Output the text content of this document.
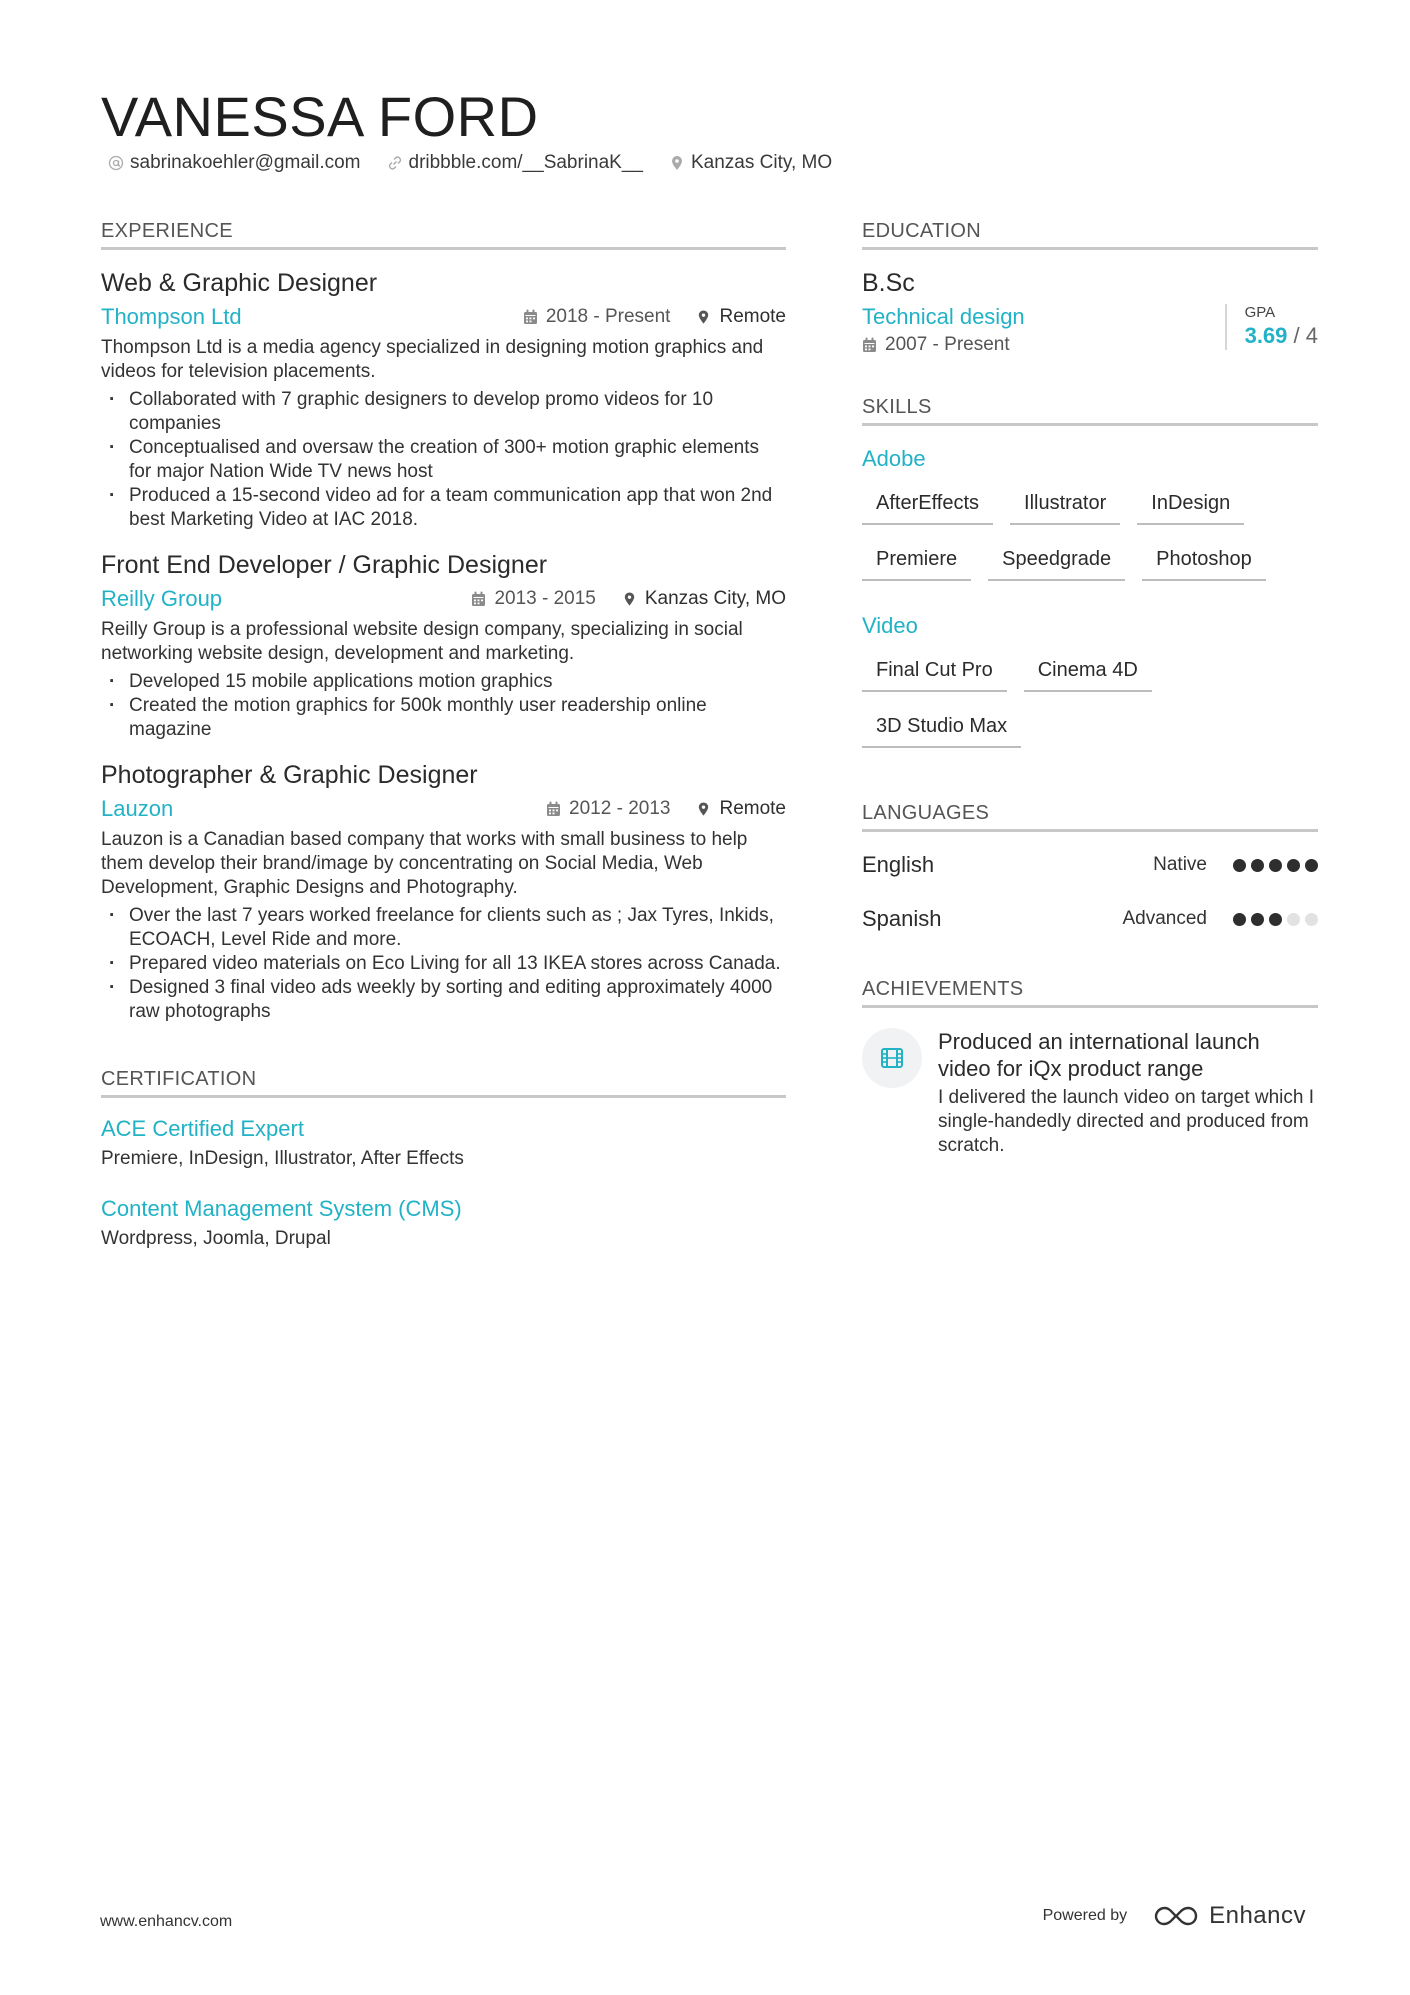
VANESSA FORD
sabrinakoehler@gmail.com	dribbble.com/__SabrinaK__	Kanzas City, MO
EXPERIENCE
Web & Graphic Designer
Thompson Ltd	2018 - Present	Remote
Thompson Ltd is a media agency specialized in designing motion graphics and videos for television placements.
· Collaborated with 7 graphic designers to develop promo videos for 10 companies
· Conceptualised and oversaw the creation of 300+ motion graphic elements for major Nation Wide TV news host
· Produced a 15-second video ad for a team communication app that won 2nd best Marketing Video at IAC 2018.
Front End Developer / Graphic Designer
Reilly Group	2013 - 2015	Kanzas City, MO
Reilly Group is a professional website design company, specializing in social networking website design, development and marketing.
· Developed 15 mobile applications motion graphics
· Created the motion graphics for 500k monthly user readership online magazine
Photographer & Graphic Designer
Lauzon	2012 - 2013	Remote
Lauzon is a Canadian based company that works with small business to help them develop their brand/image by concentrating on Social Media, Web Development, Graphic Designs and Photography.
· Over the last 7 years worked freelance for clients such as ; Jax Tyres, Inkids, ECOACH, Level Ride and more.
· Prepared video materials on Eco Living for all 13 IKEA stores across Canada.
· Designed 3 final video ads weekly by sorting and editing approximately 4000 raw photographs
CERTIFICATION
ACE Certified Expert
Premiere, InDesign, Illustrator, After Effects
Content Management System (CMS)
Wordpress, Joomla, Drupal
EDUCATION
B.Sc
Technical design
2007 - Present
GPA
3.69 / 4
SKILLS
Adobe
AfterEffects	Illustrator	InDesign
Premiere	Speedgrade	Photoshop
Video
Final Cut Pro	Cinema 4D
3D Studio Max
LANGUAGES
English	Native
Spanish	Advanced
ACHIEVEMENTS
Produced an international launch video for iQx product range
I delivered the launch video on target which I single-handedly directed and produced from scratch.
www.enhancv.com	Powered by	Enhancv
